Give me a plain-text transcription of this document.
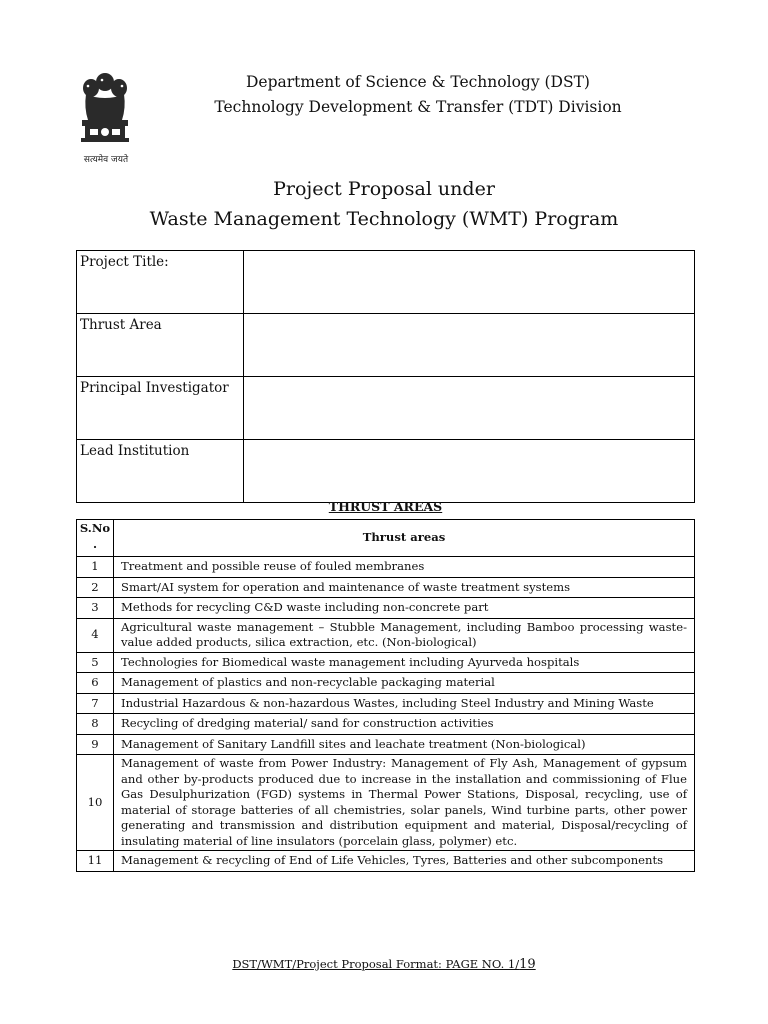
सत्यमेव जयते
Department of Science & Technology (DST)
Technology Development & Transfer (TDT) Division
Project Proposal under
Waste Management Technology (WMT) Program
Project Title:	
Thrust Area	
Principal Investigator	
Lead Institution	
THRUST AREAS
S.No .	Thrust areas
1	Treatment and possible reuse of fouled membranes
2	Smart/AI system for operation and maintenance of waste treatment systems
3	Methods for recycling C&D waste including non-concrete part
4	Agricultural waste management – Stubble Management, including Bamboo processing waste- value added products, silica extraction, etc. (Non-biological)
5	Technologies for Biomedical waste management including Ayurveda hospitals
6	Management of plastics and non-recyclable packaging material
7	Industrial Hazardous & non-hazardous Wastes, including Steel Industry and Mining Waste
8	Recycling of dredging material/ sand for construction activities
9	Management of Sanitary Landfill sites and leachate treatment (Non-biological)
10	Management of waste from Power Industry: Management of Fly Ash, Management of gypsum and other by-products produced due to increase in the installation and commissioning of Flue Gas Desulphurization (FGD) systems in Thermal Power Stations, Disposal, recycling, use of material of storage batteries of all chemistries, solar panels, Wind turbine parts, other power generating and transmission and distribution equipment and material, Disposal/recycling of insulating material of line insulators (porcelain glass, polymer) etc.
11	Management & recycling of End of Life Vehicles, Tyres, Batteries and other subcomponents
DST/WMT/Project Proposal Format: PAGE NO. 1/19
